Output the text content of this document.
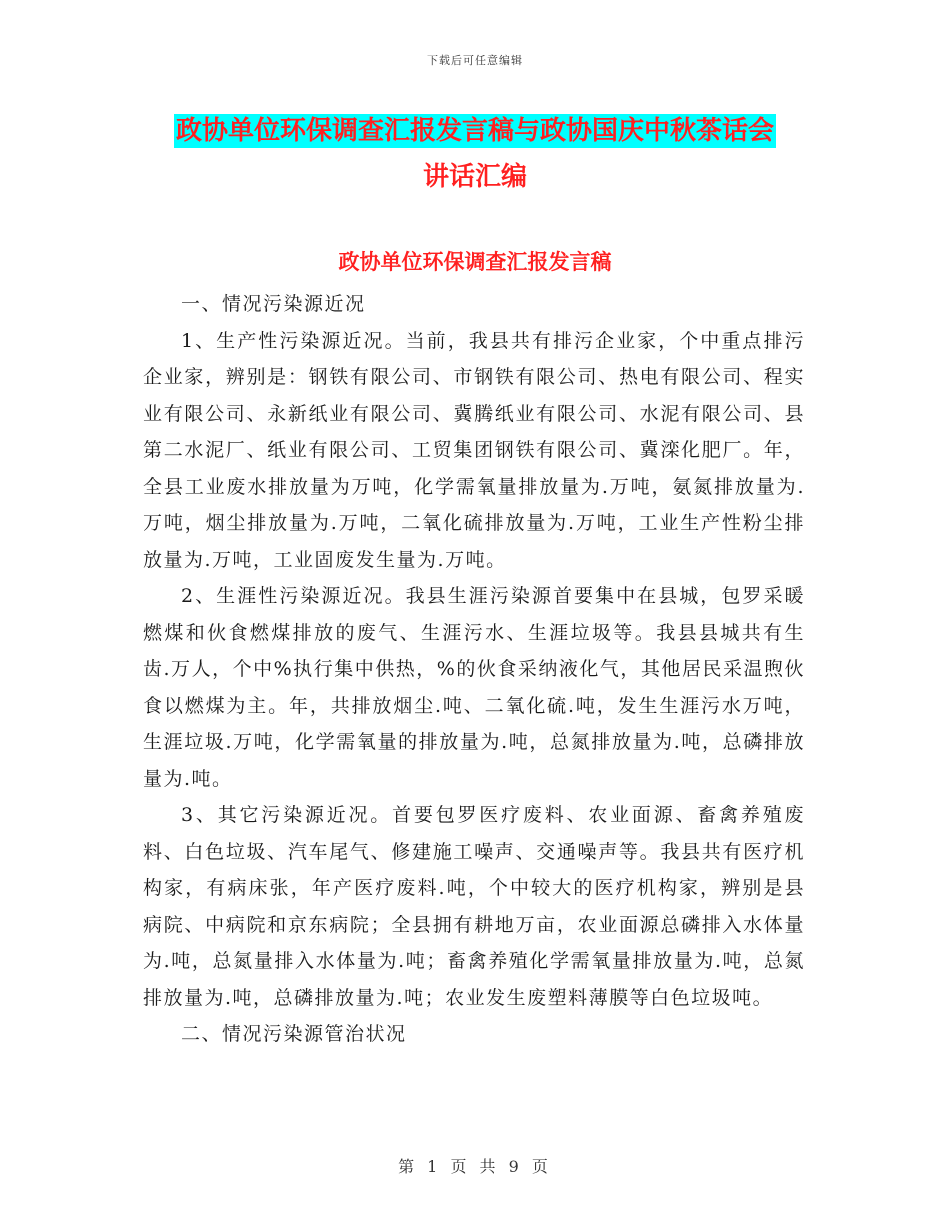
下载后可任意编辑
政协单位环保调查汇报发言稿与政协国庆中秋茶话会
讲话汇编
政协单位环保调查汇报发言稿

一、情况污染源近况

1、生产性污染源近况。当前，我县共有排污企业家，个中重点排污企业家，辨别是：钢铁有限公司、市钢铁有限公司、热电有限公司、程实业有限公司、永新纸业有限公司、冀腾纸业有限公司、水泥有限公司、县第二水泥厂、纸业有限公司、工贸集团钢铁有限公司、冀滦化肥厂。年，全县工业废水排放量为万吨，化学需氧量排放量为.万吨，氨氮排放量为.万吨，烟尘排放量为.万吨，二氧化硫排放量为.万吨，工业生产性粉尘排放量为.万吨，工业固废发生量为.万吨。

2、生涯性污染源近况。我县生涯污染源首要集中在县城，包罗采暖燃煤和伙食燃煤排放的废气、生涯污水、生涯垃圾等。我县县城共有生齿.万人，个中%执行集中供热，%的伙食采纳液化气，其他居民采温煦伙食以燃煤为主。年，共排放烟尘.吨、二氧化硫.吨，发生生涯污水万吨，生涯垃圾.万吨，化学需氧量的排放量为.吨，总氮排放量为.吨，总磷排放量为.吨。

3、其它污染源近况。首要包罗医疗废料、农业面源、畜禽养殖废料、白色垃圾、汽车尾气、修建施工噪声、交通噪声等。我县共有医疗机构家，有病床张，年产医疗废料.吨，个中较大的医疗机构家，辨别是县病院、中病院和京东病院；全县拥有耕地万亩，农业面源总磷排入水体量为.吨，总氮量排入水体量为.吨；畜禽养殖化学需氧量排放量为.吨，总氮排放量为.吨，总磷排放量为.吨；农业发生废塑料薄膜等白色垃圾吨。

二、情况污染源管治状况

第 1 页 共 9 页
